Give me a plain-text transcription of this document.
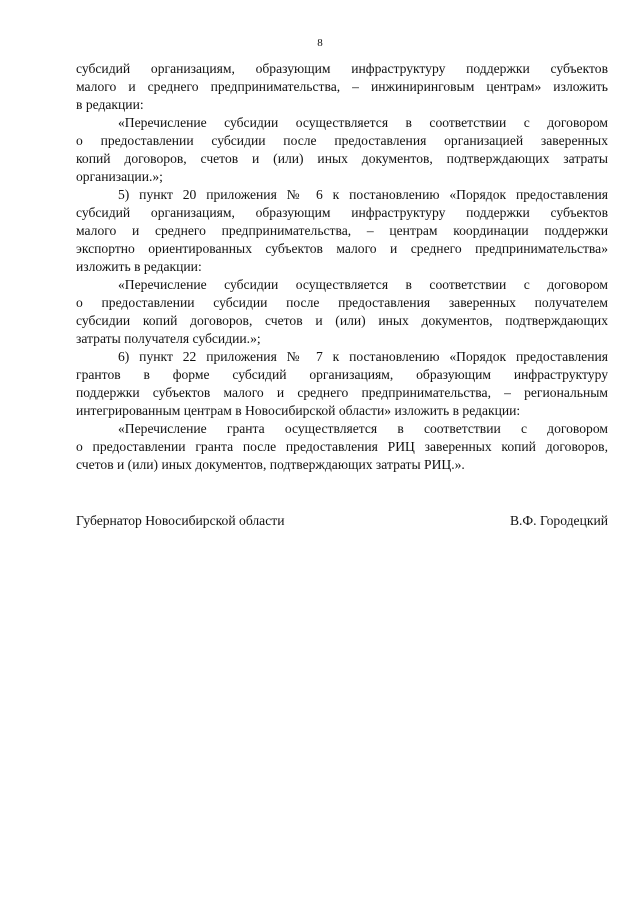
8
субсидий организациям, образующим инфраструктуру поддержки субъектов
малого и среднего предпринимательства, – инжиниринговым центрам» изложить
в редакции:
«Перечисление субсидии осуществляется в соответствии с договором
о предоставлении субсидии после предоставления организацией заверенных
копий договоров, счетов и (или) иных документов, подтверждающих затраты
организации.»;
5) пункт 20 приложения № 6 к постановлению «Порядок предоставления
субсидий организациям, образующим инфраструктуру поддержки субъектов
малого и среднего предпринимательства, – центрам координации поддержки
экспортно ориентированных субъектов малого и среднего предпринимательства»
изложить в редакции:
«Перечисление субсидии осуществляется в соответствии с договором
о предоставлении субсидии после предоставления заверенных получателем
субсидии копий договоров, счетов и (или) иных документов, подтверждающих
затраты получателя субсидии.»;
6) пункт 22 приложения № 7 к постановлению «Порядок предоставления
грантов в форме субсидий организациям, образующим инфраструктуру
поддержки субъектов малого и среднего предпринимательства, – региональным
интегрированным центрам в Новосибирской области» изложить в редакции:
«Перечисление гранта осуществляется в соответствии с договором
о предоставлении гранта после предоставления РИЦ заверенных копий договоров,
счетов и (или) иных документов, подтверждающих затраты РИЦ.».
Губернатор Новосибирской области	В.Ф. Городецкий
